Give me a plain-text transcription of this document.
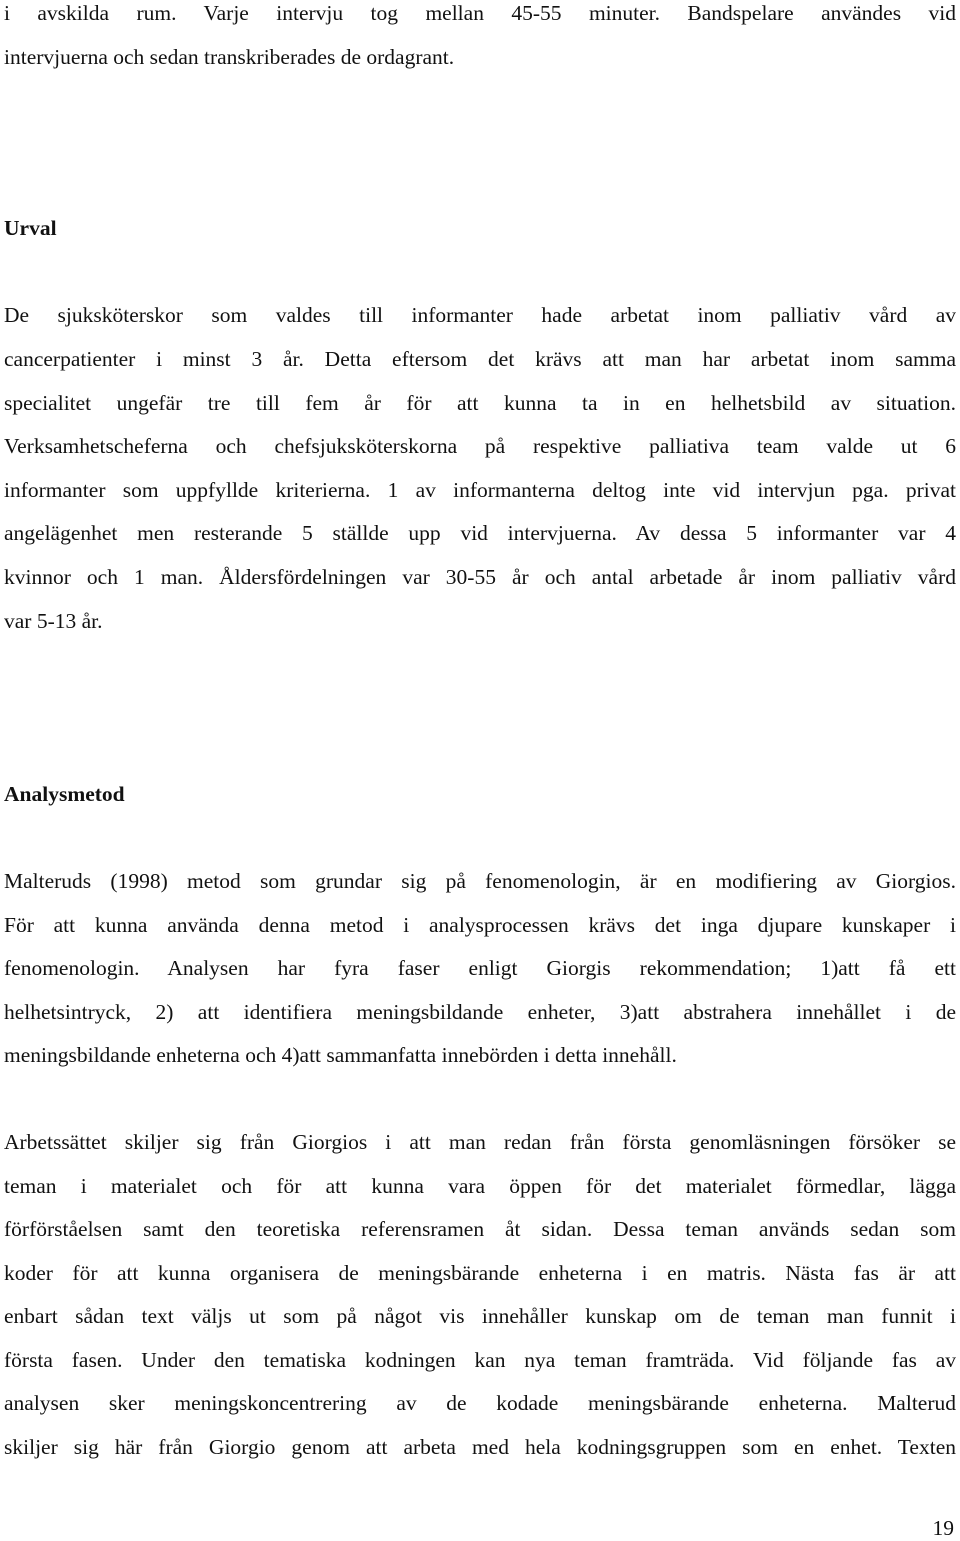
i avskilda rum. Varje intervju tog mellan 45-55 minuter. Bandspelare användes vid
intervjuerna och sedan transkriberades de ordagrant.
Urval
De sjuksköterskor som valdes till informanter hade arbetat inom palliativ vård av
cancerpatienter i minst 3 år. Detta eftersom det krävs att man har arbetat inom samma
specialitet ungefär tre till fem år för att kunna ta in en helhetsbild av situation.
Verksamhetscheferna och chefsjuksköterskorna på respektive palliativa team valde ut 6
informanter som uppfyllde kriterierna. 1 av informanterna deltog inte vid intervjun pga. privat
angelägenhet men resterande 5 ställde upp vid intervjuerna. Av dessa 5 informanter var 4
kvinnor och 1 man. Åldersfördelningen var 30-55 år och antal arbetade år inom palliativ vård
var 5-13 år.
Analysmetod
Malteruds (1998) metod som grundar sig på fenomenologin, är en modifiering av Giorgios.
För att kunna använda denna metod i analysprocessen krävs det inga djupare kunskaper i
fenomenologin. Analysen har fyra faser enligt Giorgis rekommendation; 1)att få ett
helhetsintryck, 2) att identifiera meningsbildande enheter, 3)att abstrahera innehållet i de
meningsbildande enheterna och 4)att sammanfatta innebörden i detta innehåll.
Arbetssättet skiljer sig från Giorgios i att man redan från första genomläsningen försöker se
teman i materialet och för att kunna vara öppen för det materialet förmedlar, lägga
förförståelsen samt den teoretiska referensramen åt sidan. Dessa teman används sedan som
koder för att kunna organisera de meningsbärande enheterna i en matris. Nästa fas är att
enbart sådan text väljs ut som på något vis innehåller kunskap om de teman man funnit i
första fasen. Under den tematiska kodningen kan nya teman framträda. Vid följande fas av
analysen sker meningskoncentrering av de kodade meningsbärande enheterna. Malterud
skiljer sig här från Giorgio genom att arbeta med hela kodningsgruppen som en enhet. Texten
19
